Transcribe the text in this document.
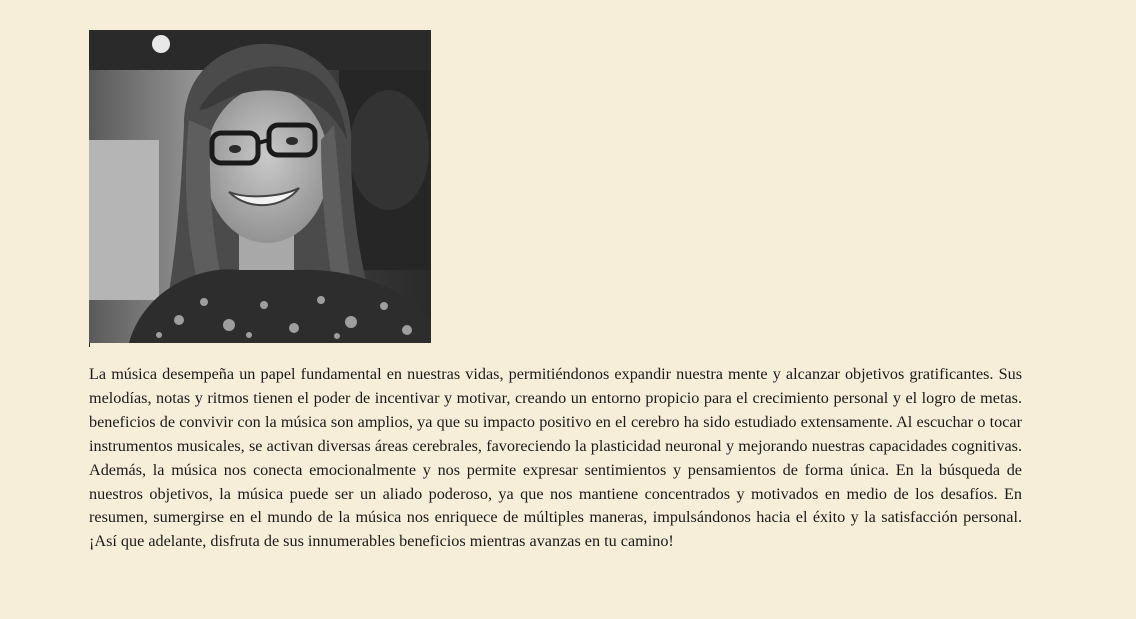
La música desempeña un papel fundamental en nuestras vidas, permitiéndonos expandir nuestra mente y alcanzar objetivos gratificantes. Sus melodías, notas y ritmos tienen el poder de incentivar y motivar, creando un entorno propicio para el crecimiento personal y el logro de metas. beneficios de convivir con la música son amplios, ya que su impacto positivo en el cerebro ha sido estudiado extensamente. Al escuchar o tocar instrumentos musicales, se activan diversas áreas cerebrales, favoreciendo la plasticidad neuronal y mejorando nuestras capacidades cognitivas. Además, la música nos conecta emocionalmente y nos permite expresar sentimientos y pensamientos de forma única. En la búsqueda de nuestros objetivos, la música puede ser un aliado poderoso, ya que nos mantiene concentrados y motivados en medio de los desafíos. En resumen, sumergirse en el mundo de la música nos enriquece de múltiples maneras, impulsándonos hacia el éxito y la satisfacción personal. ¡Así que adelante, disfruta de sus innumerables beneficios mientras avanzas en tu camino!
